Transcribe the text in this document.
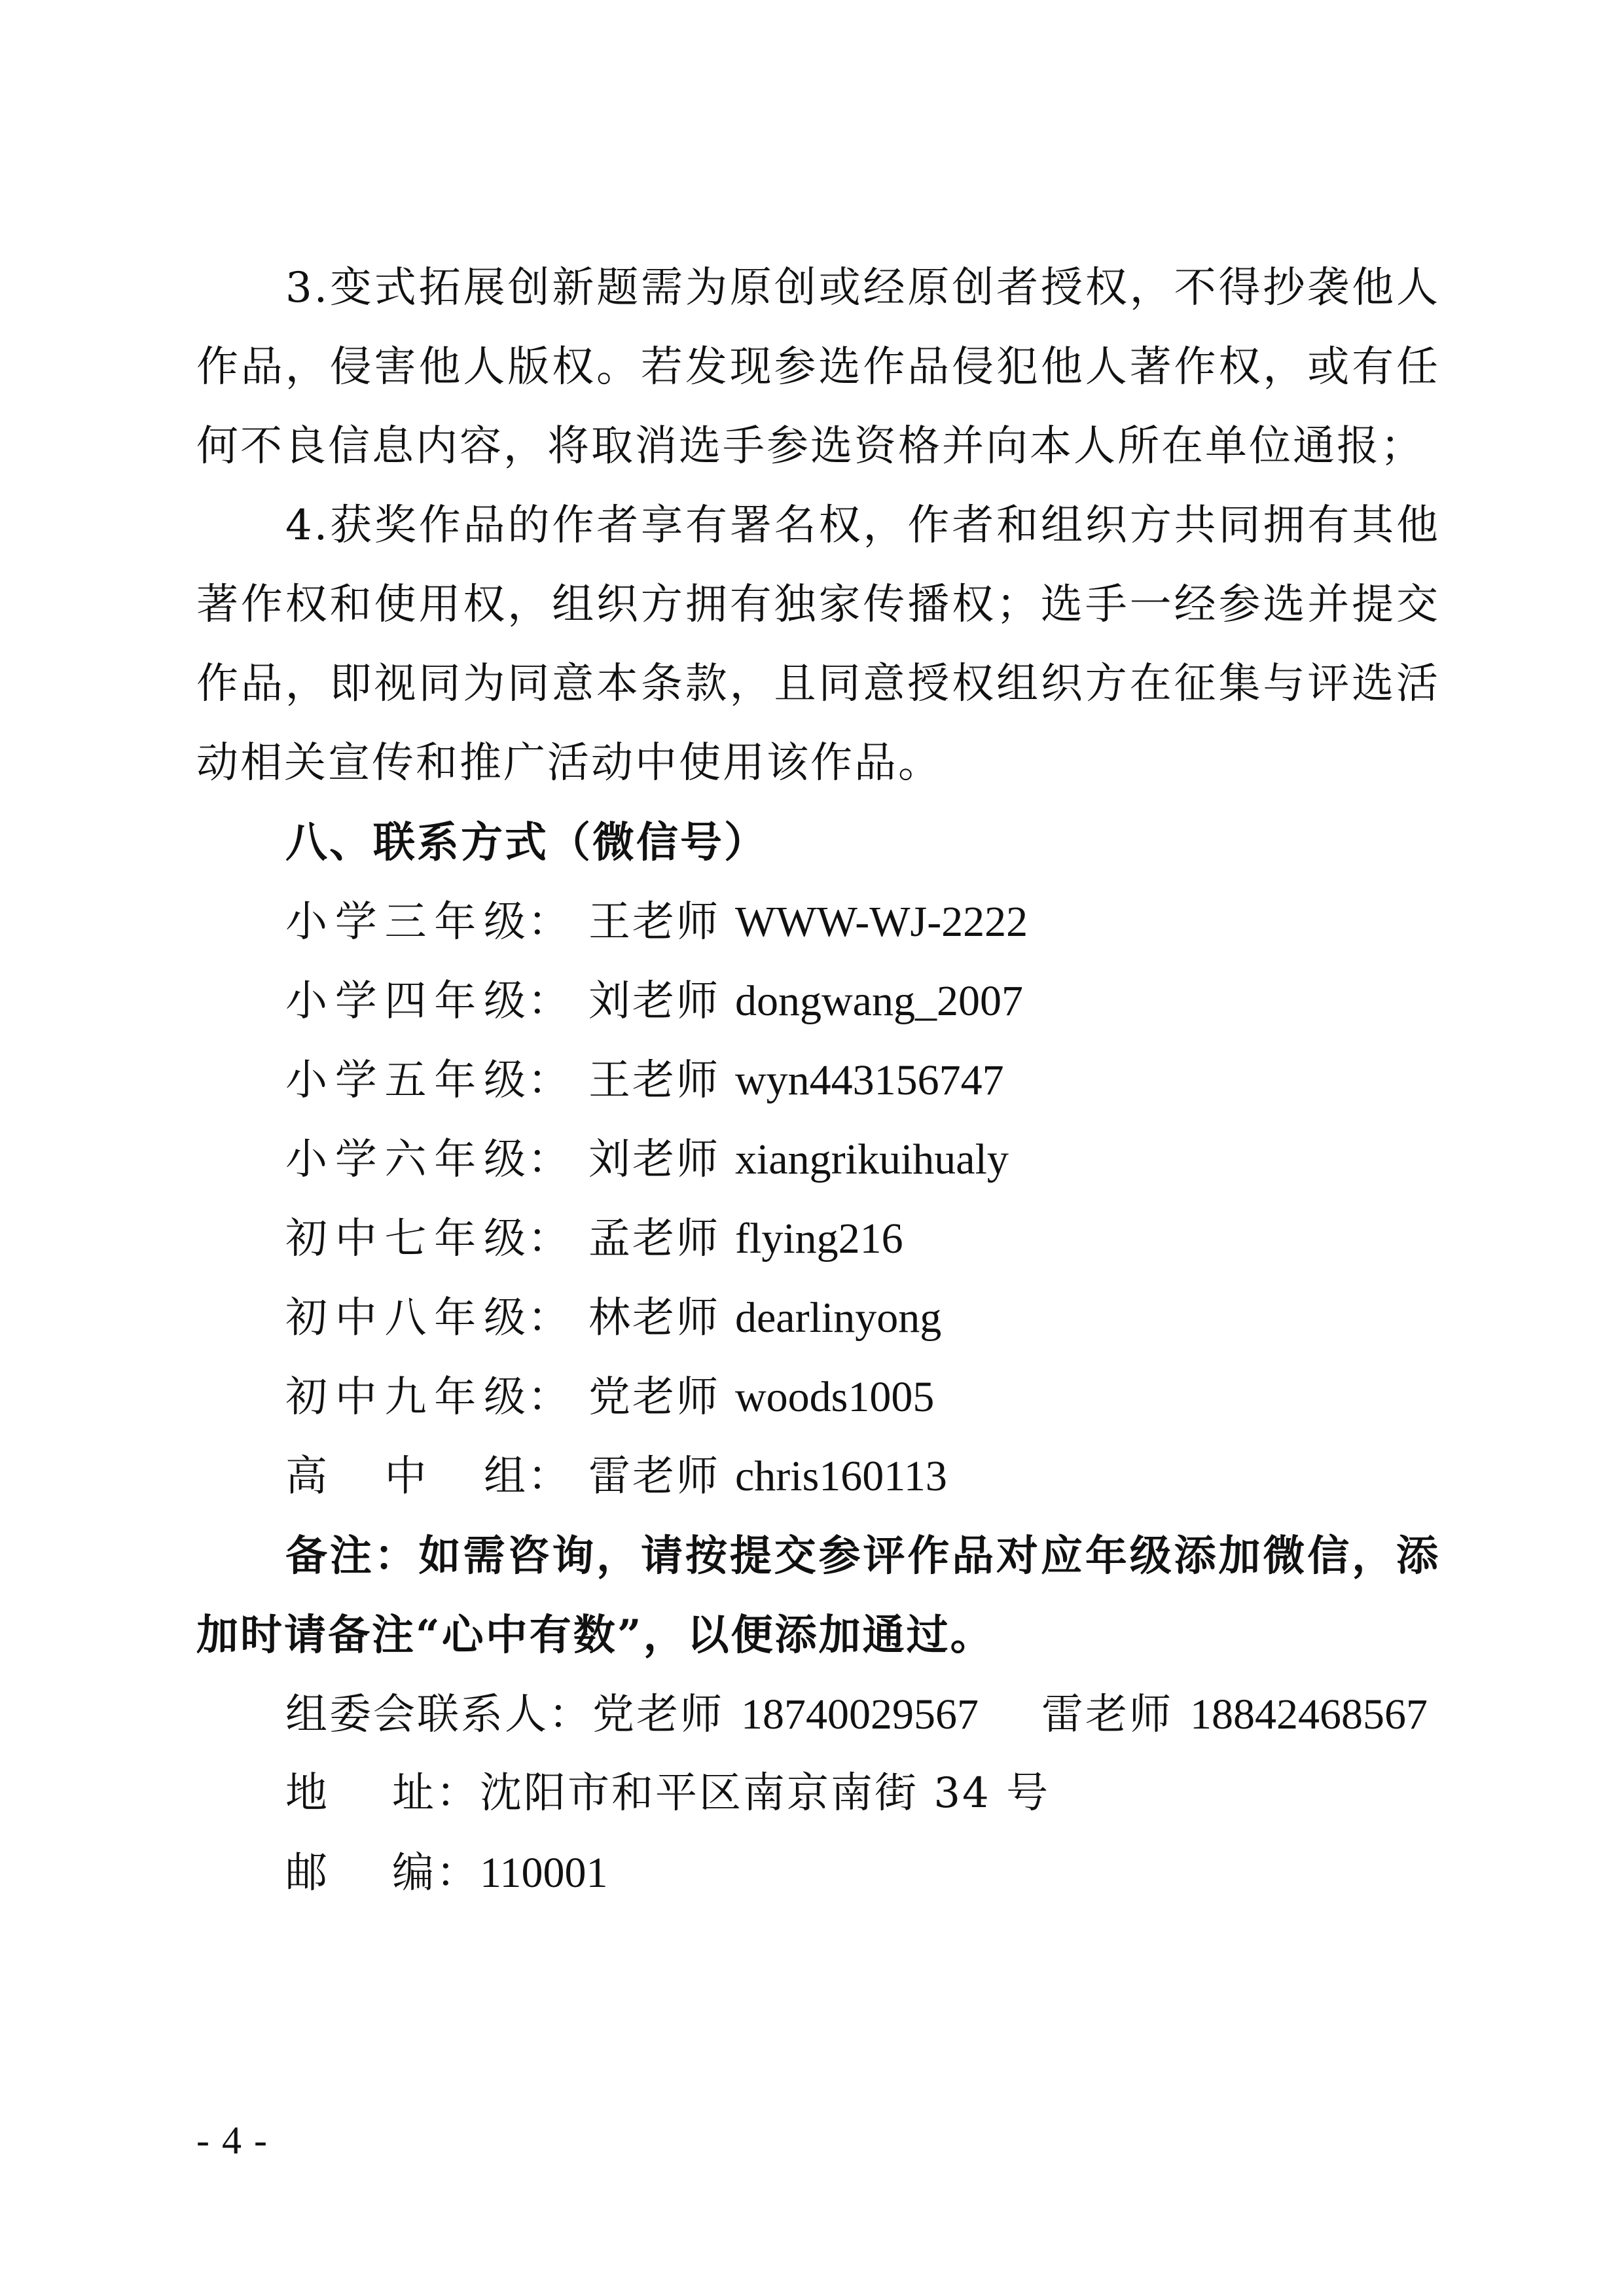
3.变式拓展创新题需为原创或经原创者授权，不得抄袭他人作品，侵害他人版权。若发现参选作品侵犯他人著作权，或有任何不良信息内容，将取消选手参选资格并向本人所在单位通报；

4.获奖作品的作者享有署名权，作者和组织方共同拥有其他著作权和使用权，组织方拥有独家传播权；选手一经参选并提交作品，即视同为同意本条款，且同意授权组织方在征集与评选活动相关宣传和推广活动中使用该作品。

八、联系方式（微信号）
小学三年级： 王老师 WWW-WJ-2222
小学四年级： 刘老师 dongwang_2007
小学五年级： 王老师 wyn443156747
小学六年级： 刘老师 xiangrikuihualy
初中七年级： 孟老师 flying216
初中八年级： 林老师 dearlinyong
初中九年级： 党老师 woods1005
高中组： 雷老师 chris160113

备注：如需咨询，请按提交参评作品对应年级添加微信，添加时请备注“心中有数”，以便添加通过。

组委会联系人：党老师 18740029567 雷老师 18842468567
地址：沈阳市和平区南京南街 34 号
邮编：110001
- 4 -
